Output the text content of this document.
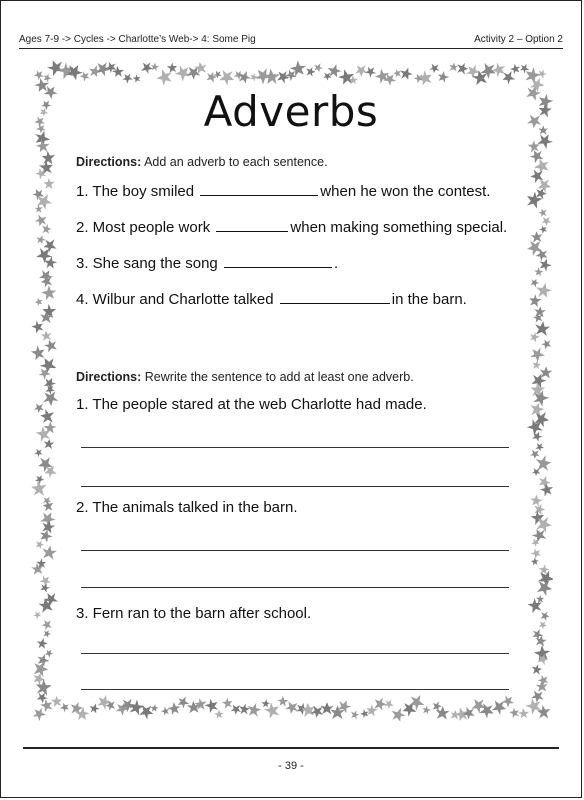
Ages 7-9 -> Cycles -> Charlotte’s Web-> 4: Some Pig	Activity 2 – Option 2
Adverbs
Directions: Add an adverb to each sentence.
1. The boy smiled	when he won the contest.
2. Most people work	when making something special.
3. She sang the song	.
4. Wilbur and Charlotte talked	in the barn.
Directions: Rewrite the sentence to add at least one adverb.
1. The people stared at the web Charlotte had made.
2. The animals talked in the barn.
3. Fern ran to the barn after school.
- 39 -
